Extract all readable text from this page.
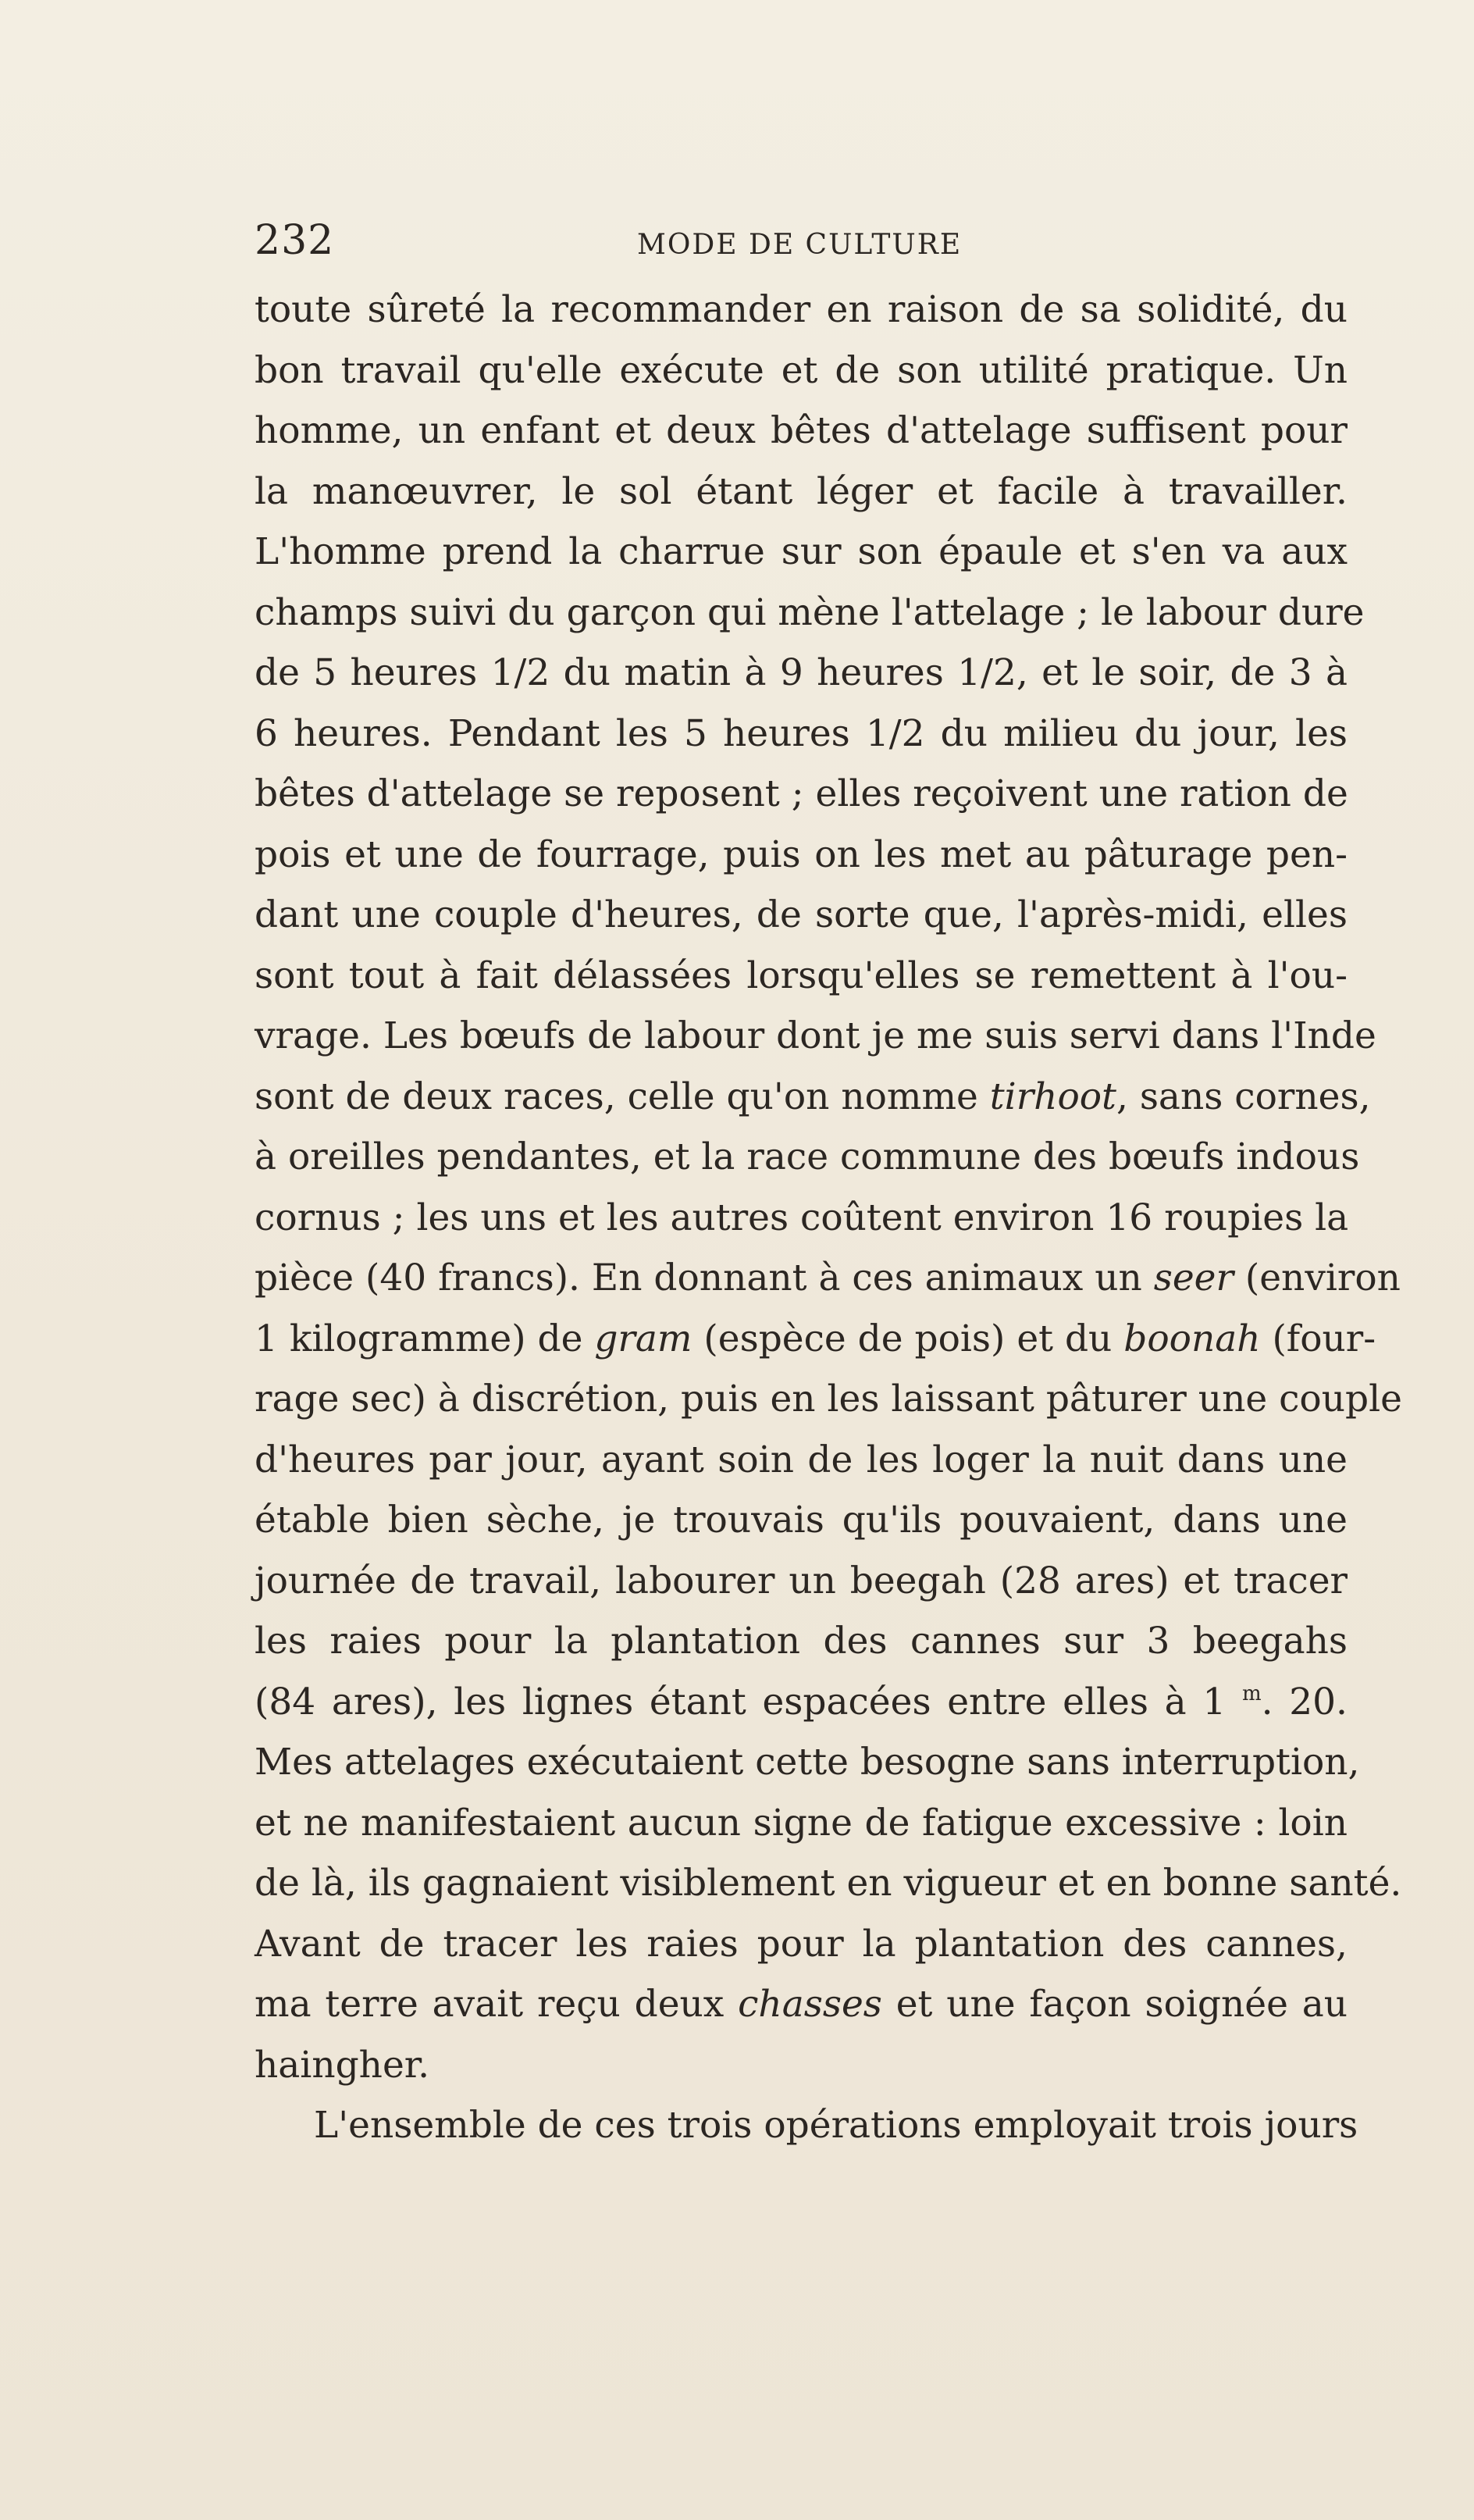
232	MODE DE CULTURE
toute sûreté la recommander en raison de sa solidité, du
bon travail qu'elle exécute et de son utilité pratique. Un
homme, un enfant et deux bêtes d'attelage suffisent pour
la manœuvrer, le sol étant léger et facile à travailler.
L'homme prend la charrue sur son épaule et s'en va aux
champs suivi du garçon qui mène l'attelage ; le labour dure
de 5 heures 1/2 du matin à 9 heures 1/2, et le soir, de 3 à
6 heures. Pendant les 5 heures 1/2 du milieu du jour, les
bêtes d'attelage se reposent ; elles reçoivent une ration de
pois et une de fourrage, puis on les met au pâturage pen-
dant une couple d'heures, de sorte que, l'après-midi, elles
sont tout à fait délassées lorsqu'elles se remettent à l'ou-
vrage. Les bœufs de labour dont je me suis servi dans l'Inde
sont de deux races, celle qu'on nomme tirhoot, sans cornes,
à oreilles pendantes, et la race commune des bœufs indous
cornus ; les uns et les autres coûtent environ 16 roupies la
pièce (40 francs). En donnant à ces animaux un seer (environ
1 kilogramme) de gram (espèce de pois) et du boonah (four-
rage sec) à discrétion, puis en les laissant pâturer une couple
d'heures par jour, ayant soin de les loger la nuit dans une
étable bien sèche, je trouvais qu'ils pouvaient, dans une
journée de travail, labourer un beegah (28 ares) et tracer
les raies pour la plantation des cannes sur 3 beegahs
(84 ares), les lignes étant espacées entre elles à 1 $^m$. 20.
Mes attelages exécutaient cette besogne sans interruption,
et ne manifestaient aucun signe de fatigue excessive : loin
de là, ils gagnaient visiblement en vigueur et en bonne santé.
Avant de tracer les raies pour la plantation des cannes,
ma terre avait reçu deux chasses et une façon soignée au
haingher.
L'ensemble de ces trois opérations employait trois jours
